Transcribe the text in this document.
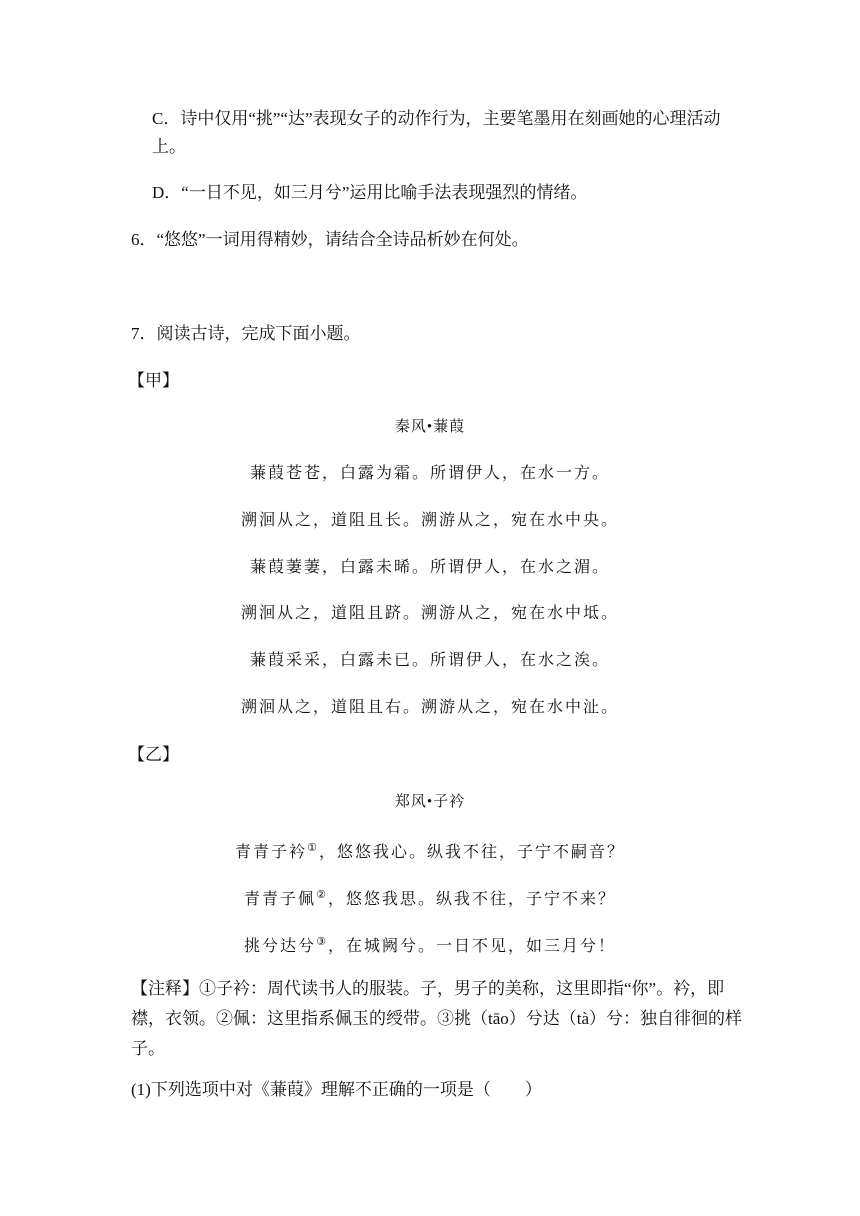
C．诗中仅用“挑”“达”表现女子的动作行为，主要笔墨用在刻画她的心理活动上。
D．“一日不见，如三月兮”运用比喻手法表现强烈的情绪。
6．“悠悠”一词用得精妙，请结合全诗品析妙在何处。
7．阅读古诗，完成下面小题。
【甲】
秦风•蒹葭
蒹葭苍苍，白露为霜。所谓伊人，在水一方。
溯洄从之，道阻且长。溯游从之，宛在水中央。
蒹葭萋萋，白露未晞。所谓伊人，在水之湄。
溯洄从之，道阻且跻。溯游从之，宛在水中坻。
蒹葭采采，白露未已。所谓伊人，在水之涘。
溯洄从之，道阻且右。溯游从之，宛在水中沚。
【乙】
郑风•子衿
青青子衿①，悠悠我心。纵我不往，子宁不嗣音？
青青子佩②，悠悠我思。纵我不往，子宁不来？
挑兮达兮③，在城阙兮。一日不见，如三月兮！
【注释】①子衿：周代读书人的服装。子，男子的美称，这里即指“你”。衿，即襟，衣领。②佩：这里指系佩玉的绶带。③挑（tāo）兮达（tà）兮：独自徘徊的样子。
(1)下列选项中对《蒹葭》理解不正确的一项是（　　）
